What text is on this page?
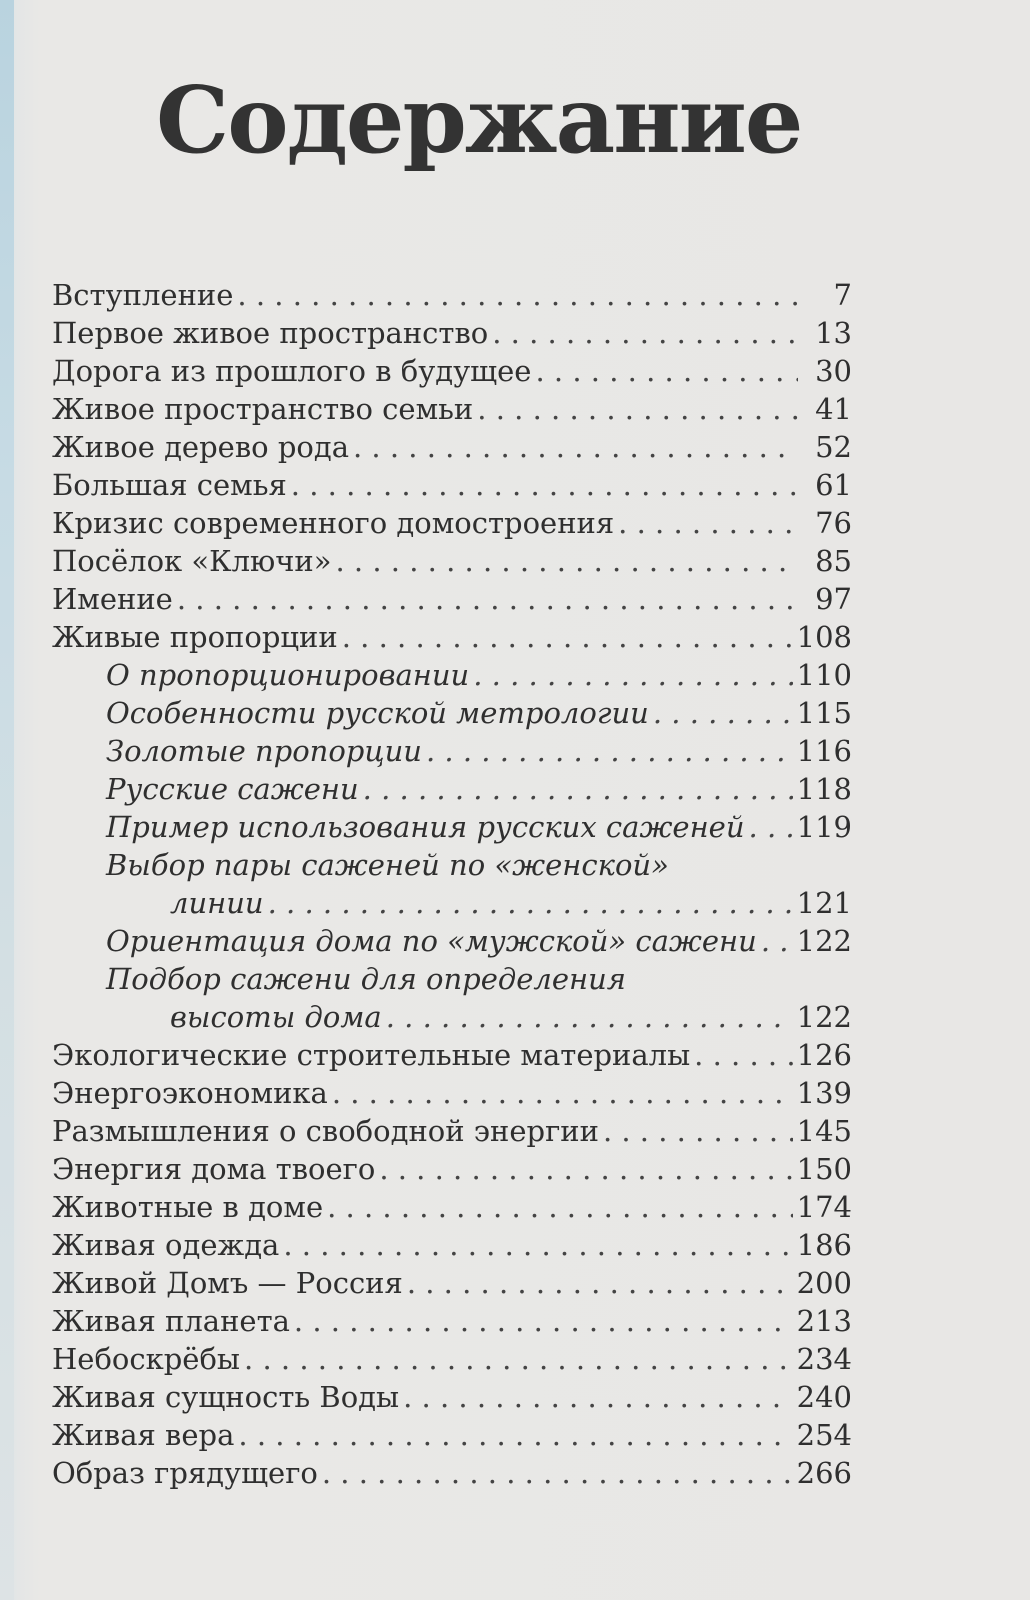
Содержание
Вступление . . .	7
Первое живое пространство . . .	13
Дорога из прошлого в будущее . . .	30
Живое пространство семьи . . .	41
Живое дерево рода . . .	52
Большая семья . . .	61
Кризис современного домостроения . . .	76
Посёлок «Ключи» . . .	85
Имение . . .	97
Живые пропорции . . .	108
О пропорционировании . . .	110
Особенности русской метрологии . . .	115
Золотые пропорции . . .	116
Русские сажени . . .	118
Пример использования русских саженей . . . 119
Выбор пары саженей по «женской»
линии . . .	121
Ориентация дома по «мужской» сажени . . . 122
Подбор сажени для определения
высоты дома . . .	122
Экологические строительные материалы . . .	126
Энергоэкономика . . .	139
Размышления о свободной энергии . . .	145
Энергия дома твоего . . .	150
Животные в доме . . .	174
Живая одежда . . .	186
Живой Домъ — Россия . . .	200
Живая планета . . .	213
Небоскрёбы . . .	234
Живая сущность Воды . . .	240
Живая вера . . .	254
Образ грядущего . . .	266
